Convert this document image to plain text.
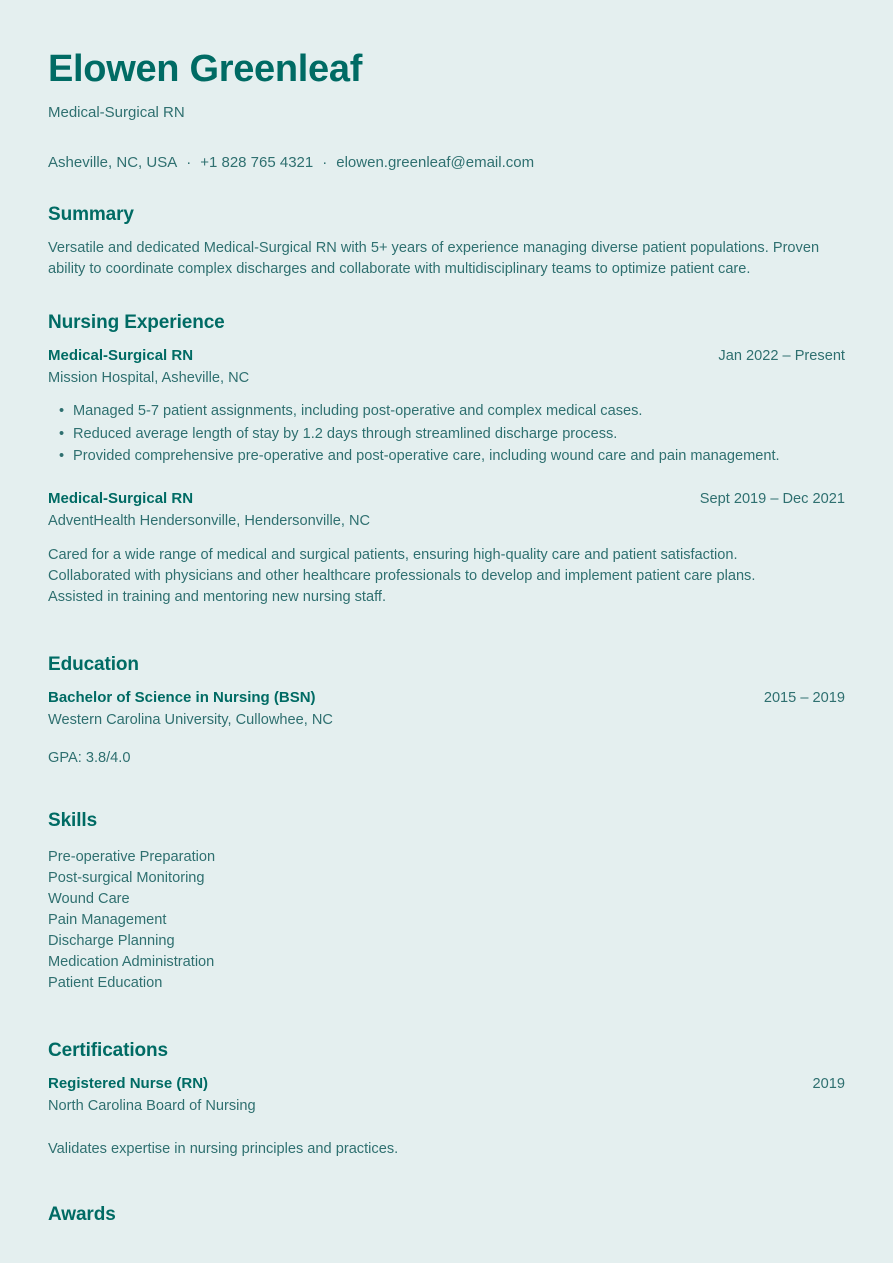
Elowen Greenleaf
Medical-Surgical RN
Asheville, NC, USA · +1 828 765 4321 · elowen.greenleaf@email.com
Summary

Versatile and dedicated Medical-Surgical RN with 5+ years of experience managing diverse patient populations. Proven ability to coordinate complex discharges and collaborate with multidisciplinary teams to optimize patient care.

Nursing Experience
Medical-Surgical RN	Jan 2022 – Present
Mission Hospital, Asheville, NC
• Managed 5-7 patient assignments, including post-operative and complex medical cases.
• Reduced average length of stay by 1.2 days through streamlined discharge process.
• Provided comprehensive pre-operative and post-operative care, including wound care and pain management.
Medical-Surgical RN	Sept 2019 – Dec 2021
AdventHealth Hendersonville, Hendersonville, NC
Cared for a wide range of medical and surgical patients, ensuring high-quality care and patient satisfaction.
Collaborated with physicians and other healthcare professionals to develop and implement patient care plans.
Assisted in training and mentoring new nursing staff.
Education
Bachelor of Science in Nursing (BSN)	2015 – 2019
Western Carolina University, Cullowhee, NC
GPA: 3.8/4.0
Skills
Pre-operative Preparation
Post-surgical Monitoring
Wound Care
Pain Management
Discharge Planning
Medication Administration
Patient Education
Certifications
Registered Nurse (RN)	2019
North Carolina Board of Nursing
Validates expertise in nursing principles and practices.
Awards
